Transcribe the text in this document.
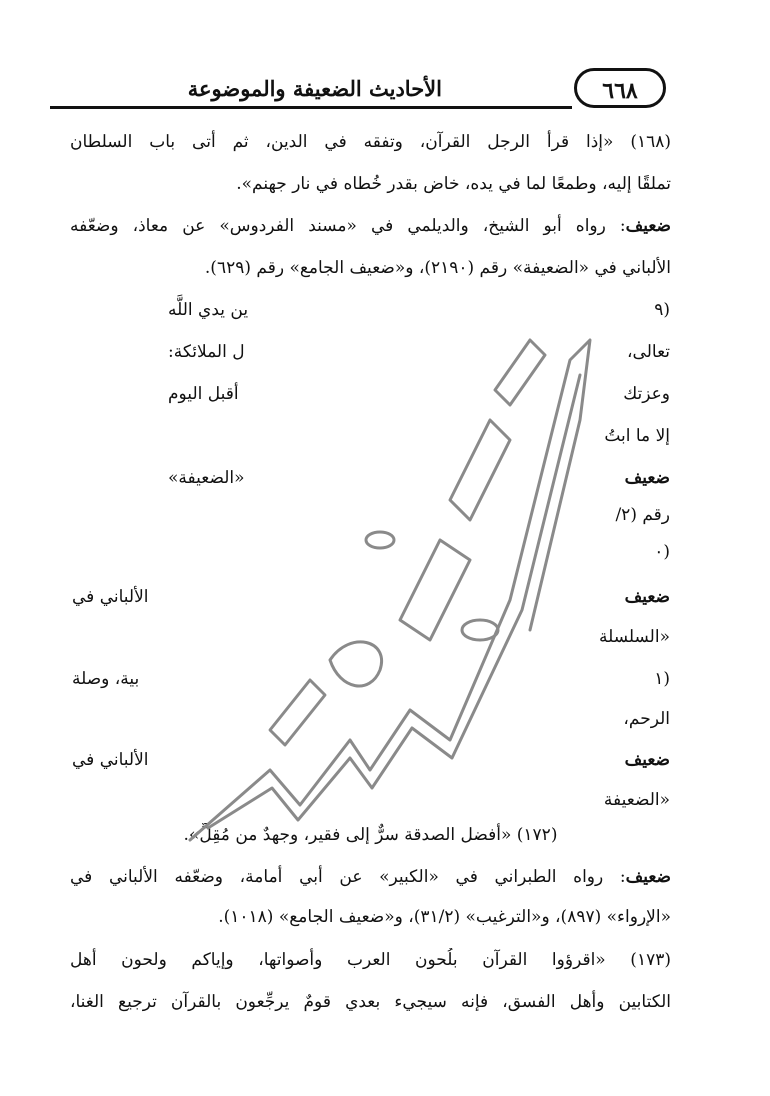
الأحاديث الضعيفة والموضوعة	٦٦٨
(١٦٨) «إذا قرأ الرجل القرآن، وتفقه في الدين، ثم أتى باب السلطان
تملقًا إليه، وطمعًا لما في يده، خاض بقدر خُطاه في نار جهنم».
ضعيف: رواه أبو الشيخ، والديلمي في «مسند الفردوس» عن معاذ، وضعّفه
الألباني في «الضعيفة» رقم (٢١٩٠)، و«ضعيف الجامع» رقم (٦٢٩).
(٩
تعالى،
وعزتك
إلا ما ابتُ
ضعيف
رقم (٢/
(٠
ضعيف
«السلسلة
(١
الرحم،
ضعيف
«الضعيفة
ين يدي اللَّه
ل الملائكة:
أقبل اليوم
«الضعيفة»
الألباني في
بية، وصلة
الألباني في
(١٧٢) «أفضل الصدقة سرٌّ إلى فقير، وجهدٌ من مُقِلٍّ».
ضعيف: رواه الطبراني في «الكبير» عن أبي أمامة، وضعّفه الألباني في
«الإرواء» (٨٩٧)، و«الترغيب» (٣١/٢)، و«ضعيف الجامع» (١٠١٨).
(١٧٣) «اقرؤوا القرآن بلُحون العرب وأصواتها، وإياكم ولحون أهل
الكتابين وأهل الفسق، فإنه سيجيء بعدي قومٌ يرجِّعون بالقرآن ترجيع الغنا،
